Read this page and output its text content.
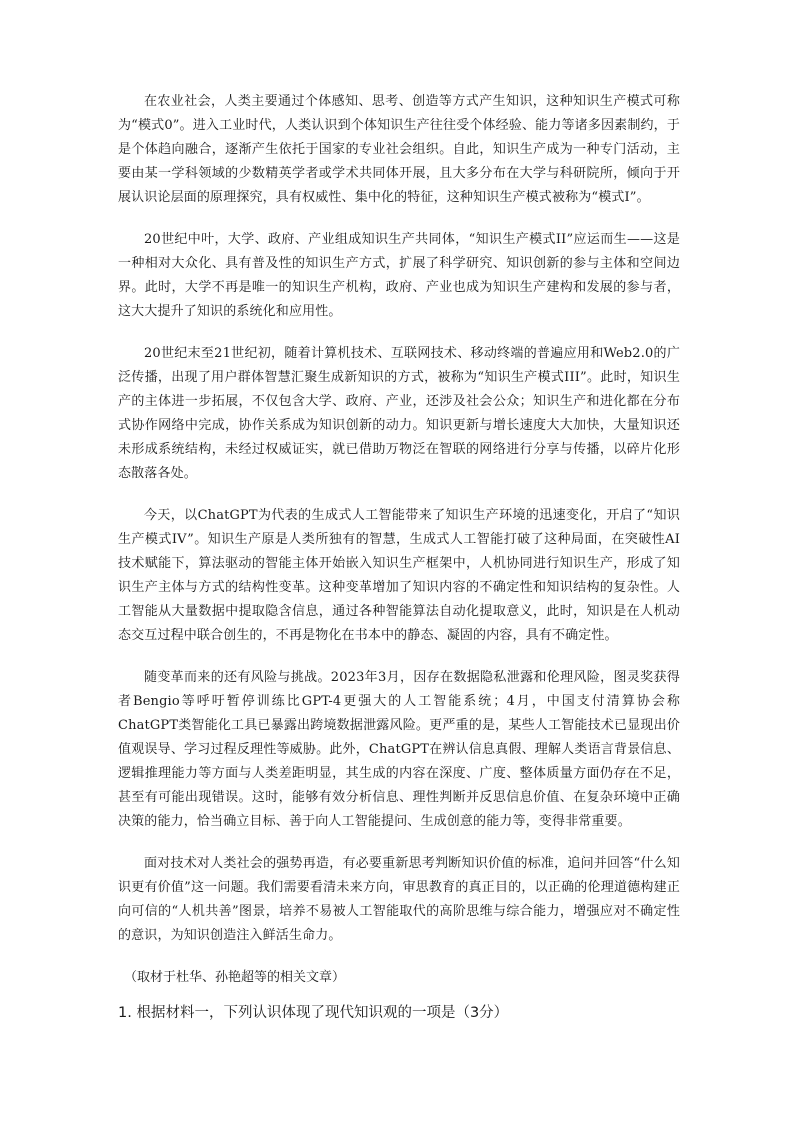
在农业社会，人类主要通过个体感知、思考、创造等方式产生知识，这种知识生产模式可称为“模式0”。进入工业时代，人类认识到个体知识生产往往受个体经验、能力等诸多因素制约，于是个体趋向融合，逐渐产生依托于国家的专业社会组织。自此，知识生产成为一种专门活动，主要由某一学科领域的少数精英学者或学术共同体开展，且大多分布在大学与科研院所，倾向于开展认识论层面的原理探究，具有权威性、集中化的特征，这种知识生产模式被称为“模式I”。

20世纪中叶，大学、政府、产业组成知识生产共同体，“知识生产模式II”应运而生——这是一种相对大众化、具有普及性的知识生产方式，扩展了科学研究、知识创新的参与主体和空间边界。此时，大学不再是唯一的知识生产机构，政府、产业也成为知识生产建构和发展的参与者，这大大提升了知识的系统化和应用性。

20世纪末至21世纪初，随着计算机技术、互联网技术、移动终端的普遍应用和Web2.0的广泛传播，出现了用户群体智慧汇聚生成新知识的方式，被称为“知识生产模式III”。此时，知识生产的主体进一步拓展，不仅包含大学、政府、产业，还涉及社会公众；知识生产和进化都在分布式协作网络中完成，协作关系成为知识创新的动力。知识更新与增长速度大大加快，大量知识还未形成系统结构，未经过权威证实，就已借助万物泛在智联的网络进行分享与传播，以碎片化形态散落各处。

今天，以ChatGPT为代表的生成式人工智能带来了知识生产环境的迅速变化，开启了“知识生产模式IV”。知识生产原是人类所独有的智慧，生成式人工智能打破了这种局面，在突破性AI技术赋能下，算法驱动的智能主体开始嵌入知识生产框架中，人机协同进行知识生产，形成了知识生产主体与方式的结构性变革。这种变革增加了知识内容的不确定性和知识结构的复杂性。人工智能从大量数据中提取隐含信息，通过各种智能算法自动化提取意义，此时，知识是在人机动态交互过程中联合创生的，不再是物化在书本中的静态、凝固的内容，具有不确定性。

随变革而来的还有风险与挑战。2023年3月，因存在数据隐私泄露和伦理风险，图灵奖获得者Bengio等呼吁暂停训练比GPT-4更强大的人工智能系统；4月，中国支付清算协会称ChatGPT类智能化工具已暴露出跨境数据泄露风险。更严重的是，某些人工智能技术已显现出价值观误导、学习过程反理性等威胁。此外，ChatGPT在辨认信息真假、理解人类语言背景信息、逻辑推理能力等方面与人类差距明显，其生成的内容在深度、广度、整体质量方面仍存在不足，甚至有可能出现错误。这时，能够有效分析信息、理性判断并反思信息价值、在复杂环境中正确决策的能力，恰当确立目标、善于向人工智能提问、生成创意的能力等，变得非常重要。

面对技术对人类社会的强势再造，有必要重新思考判断知识价值的标准，追问并回答“什么知识更有价值”这一问题。我们需要看清未来方向，审思教育的真正目的，以正确的伦理道德构建正向可信的“人机共善”图景，培养不易被人工智能取代的高阶思维与综合能力，增强应对不确定性的意识，为知识创造注入鲜活生命力。

（取材于杜华、孙艳超等的相关文章）

1. 根据材料一，下列认识体现了现代知识观的一项是（3分）
